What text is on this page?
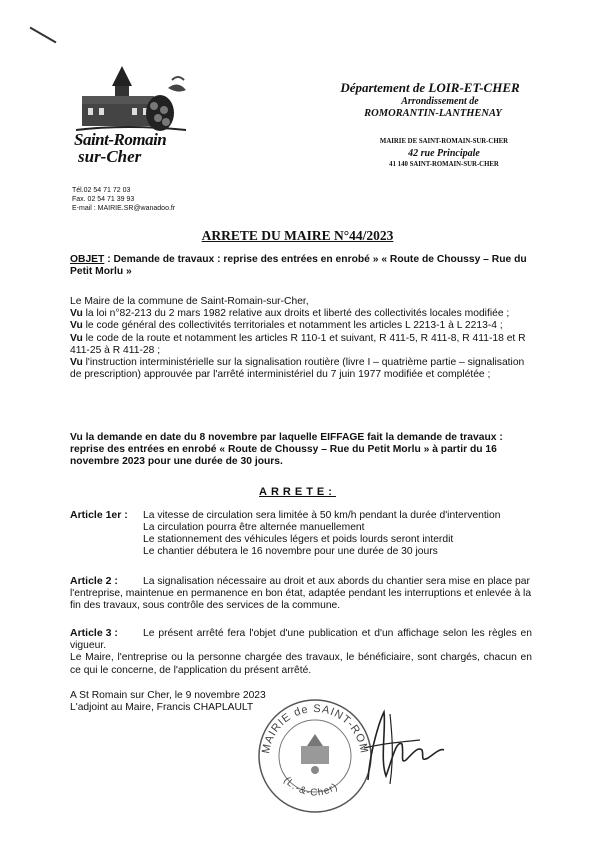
Saint-Romain
sur-Cher
Département de LOIR-ET-CHER
Arrondissement de
ROMORANTIN-LANTHENAY
MAIRIE DE SAINT-ROMAIN-SUR-CHER
42 rue Principale
41 140 SAINT-ROMAIN-SUR-CHER
Tél.02 54 71 72 03
Fax. 02 54 71 39 93
E-mail : MAIRIE.SR@wanadoo.fr
ARRETE DU MAIRE N°44/2023
OBJET : Demande de travaux : reprise des entrées en enrobé » « Route de Choussy – Rue du Petit Morlu »

Le Maire de la commune de Saint-Romain-sur-Cher,

Vu la loi n°82-213 du 2 mars 1982 relative aux droits et liberté des collectivités locales modifiée ;

Vu le code général des collectivités territoriales et notamment les articles L 2213-1 à L 2213-4 ;

Vu le code de la route et notamment les articles R 110-1 et suivant, R 411-5, R 411-8, R 411-18 et R 411-25 à R 411-28 ;

Vu l'instruction interministérielle sur la signalisation routière (livre I – quatrième partie – signalisation de prescription) approuvée par l'arrêté interministériel du 7 juin 1977 modifiée et complétée ;

Vu la demande en date du 8 novembre par laquelle EIFFAGE fait la demande de travaux : reprise des entrées en enrobé « Route de Choussy – Rue du Petit Morlu » à partir du 16 novembre 2023 pour une durée de 30 jours.
ARRETE:
Article 1er : La vitesse de circulation sera limitée à 50 km/h pendant la durée d'intervention

La circulation pourra être alternée manuellement

Le stationnement des véhicules légers et poids lourds seront interdit

Le chantier débutera le 16 novembre pour une durée de 30 jours

Article 2 : La signalisation nécessaire au droit et aux abords du chantier sera mise en place par l'entreprise, maintenue en permanence en bon état, adaptée pendant les interruptions et enlevée à la fin des travaux, sous contrôle des services de la commune.

Article 3 : Le présent arrêté fera l'objet d'une publication et d'un affichage selon les règles en vigueur.

Le Maire, l'entreprise ou la personne chargée des travaux, le bénéficiaire, sont chargés, chacun en ce qui le concerne, de l'application du présent arrêté.

A St Romain sur Cher, le 9 novembre 2023
L'adjoint au Maire, Francis CHAPLAULT
MAIRIE de SAINT-ROM
(L.-&-Cher)
